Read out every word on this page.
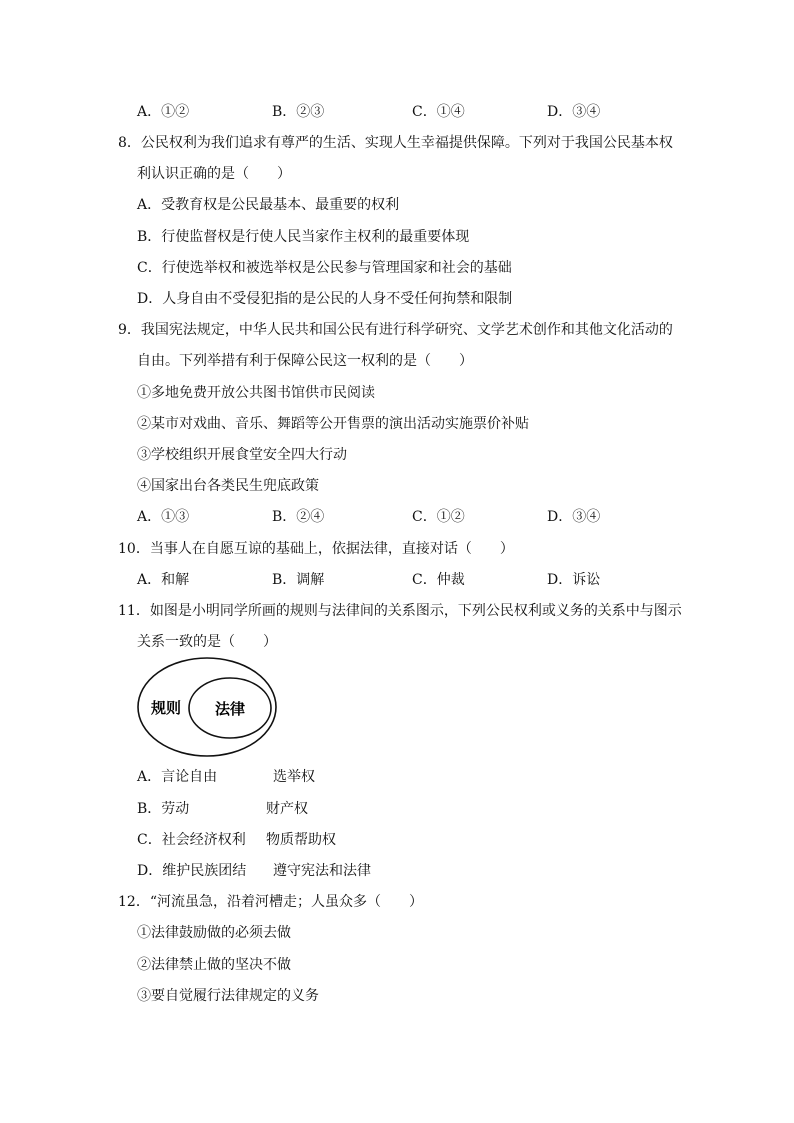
A．①②	B．②③	C．①④	D．③④
8．公民权利为我们追求有尊严的生活、实现人生幸福提供保障。下列对于我国公民基本权
利认识正确的是（　　）
A．受教育权是公民最基本、最重要的权利
B．行使监督权是行使人民当家作主权利的最重要体现
C．行使选举权和被选举权是公民参与管理国家和社会的基础
D．人身自由不受侵犯指的是公民的人身不受任何拘禁和限制
9．我国宪法规定，中华人民共和国公民有进行科学研究、文学艺术创作和其他文化活动的
自由。下列举措有利于保障公民这一权利的是（　　）
①多地免费开放公共图书馆供市民阅读
②某市对戏曲、音乐、舞蹈等公开售票的演出活动实施票价补贴
③学校组织开展食堂安全四大行动
④国家出台各类民生兜底政策
A．①③	B．②④	C．①②	D．③④
10．当事人在自愿互谅的基础上，依据法律，直接对话（　　）
A．和解	B．调解	C．仲裁	D．诉讼
11．如图是小明同学所画的规则与法律间的关系图示，下列公民权利或义务的关系中与图示
关系一致的是（　　）
规则 法律
A．言论自由	选举权
B．劳动	财产权
C．社会经济权利 物质帮助权
D．维护民族团结 遵守宪法和法律
12．“河流虽急，沿着河槽走；人虽众多（　　）
①法律鼓励做的必须去做
②法律禁止做的坚决不做
③要自觉履行法律规定的义务
